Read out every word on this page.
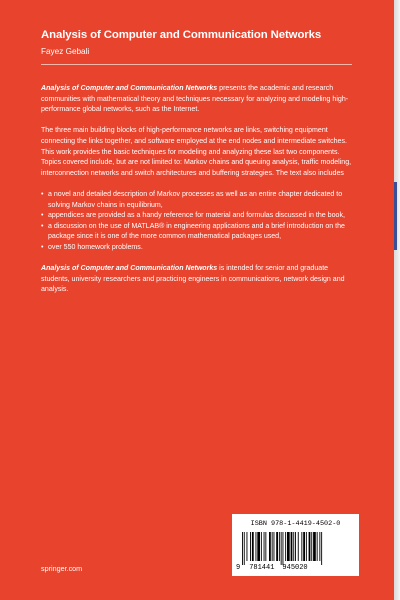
Analysis of Computer and Communication Networks
Fayez Gebali

Analysis of Computer and Communication Networks presents the academic and research communities with mathematical theory and techniques necessary for analyzing and modeling high-performance global networks, such as the Internet.

The three main building blocks of high-performance networks are links, switching equipment connecting the links together, and software employed at the end nodes and intermediate switches. This work provides the basic techniques for modeling and analyzing these last two components. Topics covered include, but are not limited to: Markov chains and queuing analysis, traffic modeling, interconnection networks and switch architectures and buffering strategies. The text also includes

• a novel and detailed description of Markov processes as well as an entire chapter dedicated to solving Markov chains in equilibrium,
• appendices are provided as a handy reference for material and formulas discussed in the book,
• a discussion on the use of MATLAB® in engineering applications and a brief introduction on the package since it is one of the more common mathematical packages used,
• over 550 homework problems.

Analysis of Computer and Communication Networks is intended for senior and graduate students, university researchers and practicing engineers in communications, network design and analysis.

springer.com
ISBN 978-1-4419-4502-0
9 781441 945020
